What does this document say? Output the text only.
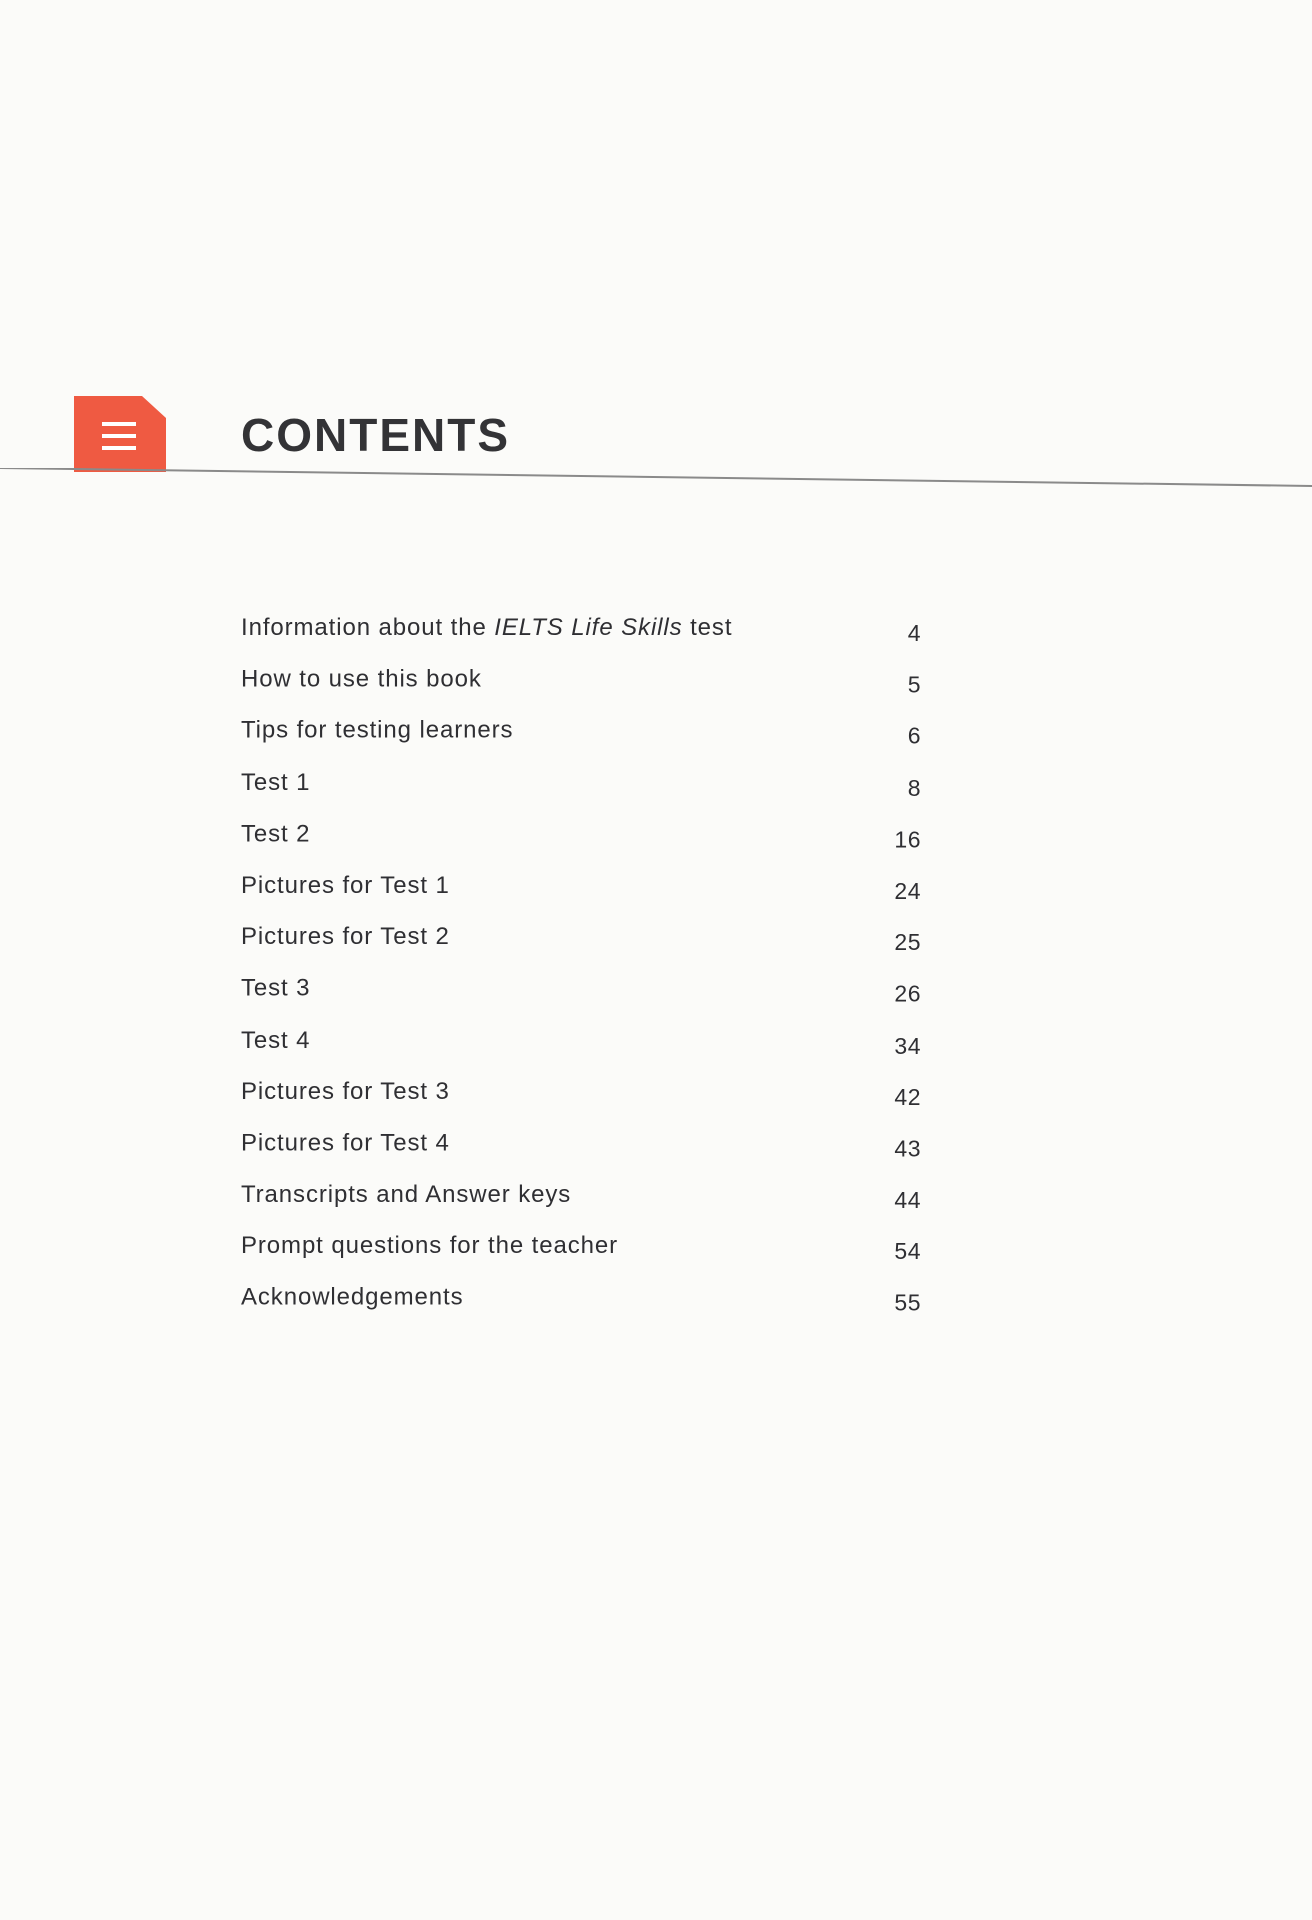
CONTENTS
Information about the IELTS Life Skills test	4
How to use this book	5
Tips for testing learners	6
Test 1	8
Test 2	16
Pictures for Test 1	24
Pictures for Test 2	25
Test 3	26
Test 4	34
Pictures for Test 3	42
Pictures for Test 4	43
Transcripts and Answer keys	44
Prompt questions for the teacher	54
Acknowledgements	55
